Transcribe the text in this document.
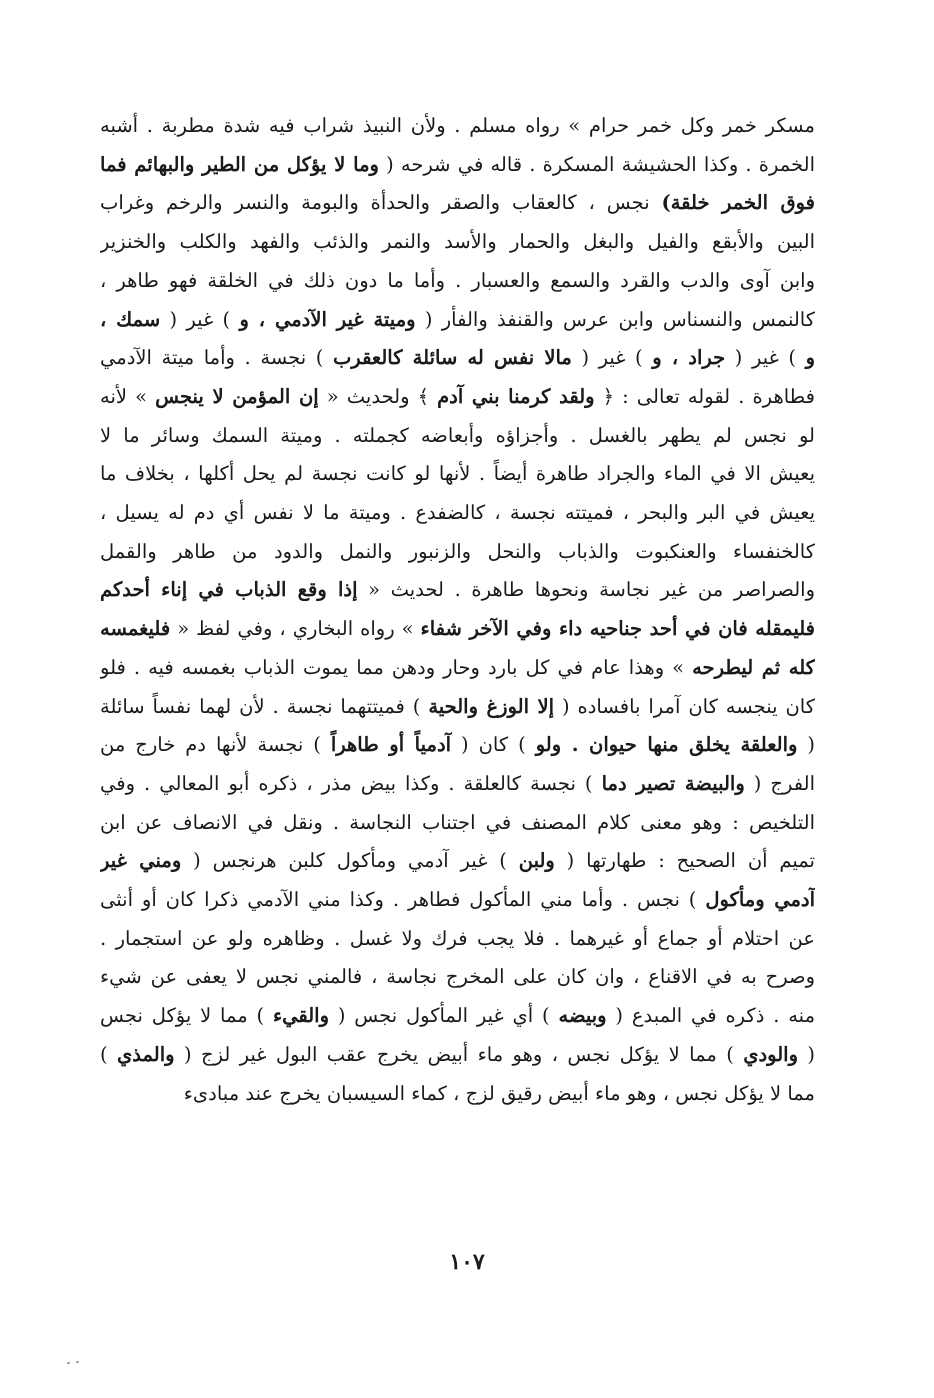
مسكر خمر وكل خمر حرام » رواه مسلم . ولأن النبيذ شراب فيه شدة مطربة . أشبه
الخمرة . وكذا الحشيشة المسكرة . قاله في شرحه ( وما لا يؤكل من الطير والبهائم فما
فوق الخمر خلقة) نجس ، كالعقاب والصقر والحدأة والبومة والنسر والرخم وغراب
البين والأبقع والفيل والبغل والحمار والأسد والنمر والذئب والفهد والكلب والخنزير
وابن آوى والدب والقرد والسمع والعسبار . وأما ما دون ذلك في الخلقة فهو طاهر ،
كالنمس والنسناس وابن عرس والقنفذ والفأر ( وميتة غير الآدمي ، و ) غير ( سمك ،
و ) غير ( جراد ، و ) غير ( مالا نفس له سائلة كالعقرب ) نجسة . وأما ميتة الآدمي
فطاهرة . لقوله تعالى : ﴿ ولقد كرمنا بني آدم ﴾ ولحديث « إن المؤمن لا ينجس » لأنه
لو نجس لم يطهر بالغسل . وأجزاؤه وأبعاضه كجملته . وميتة السمك وسائر ما لا
يعيش الا في الماء والجراد طاهرة أيضاً . لأنها لو كانت نجسة لم يحل أكلها ، بخلاف ما
يعيش في البر والبحر ، فميتته نجسة ، كالضفدع . وميتة ما لا نفس أي دم له يسيل ،
كالخنفساء والعنكبوت والذباب والنحل والزنبور والنمل والدود من طاهر والقمل
والصراصر من غير نجاسة ونحوها طاهرة . لحديث « إذا وقع الذباب في إناء أحدكم
فليمقله فان في أحد جناحيه داء وفي الآخر شفاء » رواه البخاري ، وفي لفظ « فليغمسه
كله ثم ليطرحه » وهذا عام في كل بارد وحار ودهن مما يموت الذباب بغمسه فيه . فلو
كان ينجسه كان آمرا بافساده ( إلا الوزغ والحية ) فميتتهما نجسة . لأن لهما نفساً سائلة
( والعلقة يخلق منها حيوان . ولو ) كان ( آدمياً أو طاهراً ) نجسة لأنها دم خارج من
الفرج ( والبيضة تصير دما ) نجسة كالعلقة . وكذا بيض مذر ، ذكره أبو المعالي . وفي
التلخيص : وهو معنى كلام المصنف في اجتناب النجاسة . ونقل في الانصاف عن ابن
تميم أن الصحيح : طهارتها ( ولبن ) غير آدمي ومأكول كلبن هرنجس ( ومني غير
آدمي ومأكول ) نجس . وأما مني المأكول فطاهر . وكذا مني الآدمي ذكرا كان أو أنثى
عن احتلام أو جماع أو غيرهما . فلا يجب فرك ولا غسل . وظاهره ولو عن استجمار .
وصرح به في الاقناع ، وان كان على المخرج نجاسة ، فالمني نجس لا يعفى عن شيء
منه . ذكره في المبدع ( وبيضه ) أي غير المأكول نجس ( والقيء ) مما لا يؤكل نجس
( والودي ) مما لا يؤكل نجس ، وهو ماء أبيض يخرج عقب البول غير لزج ( والمذي )
مما لا يؤكل نجس ، وهو ماء أبيض رقيق لزج ، كماء السيسبان يخرج عند مبادىء
١٠٧
